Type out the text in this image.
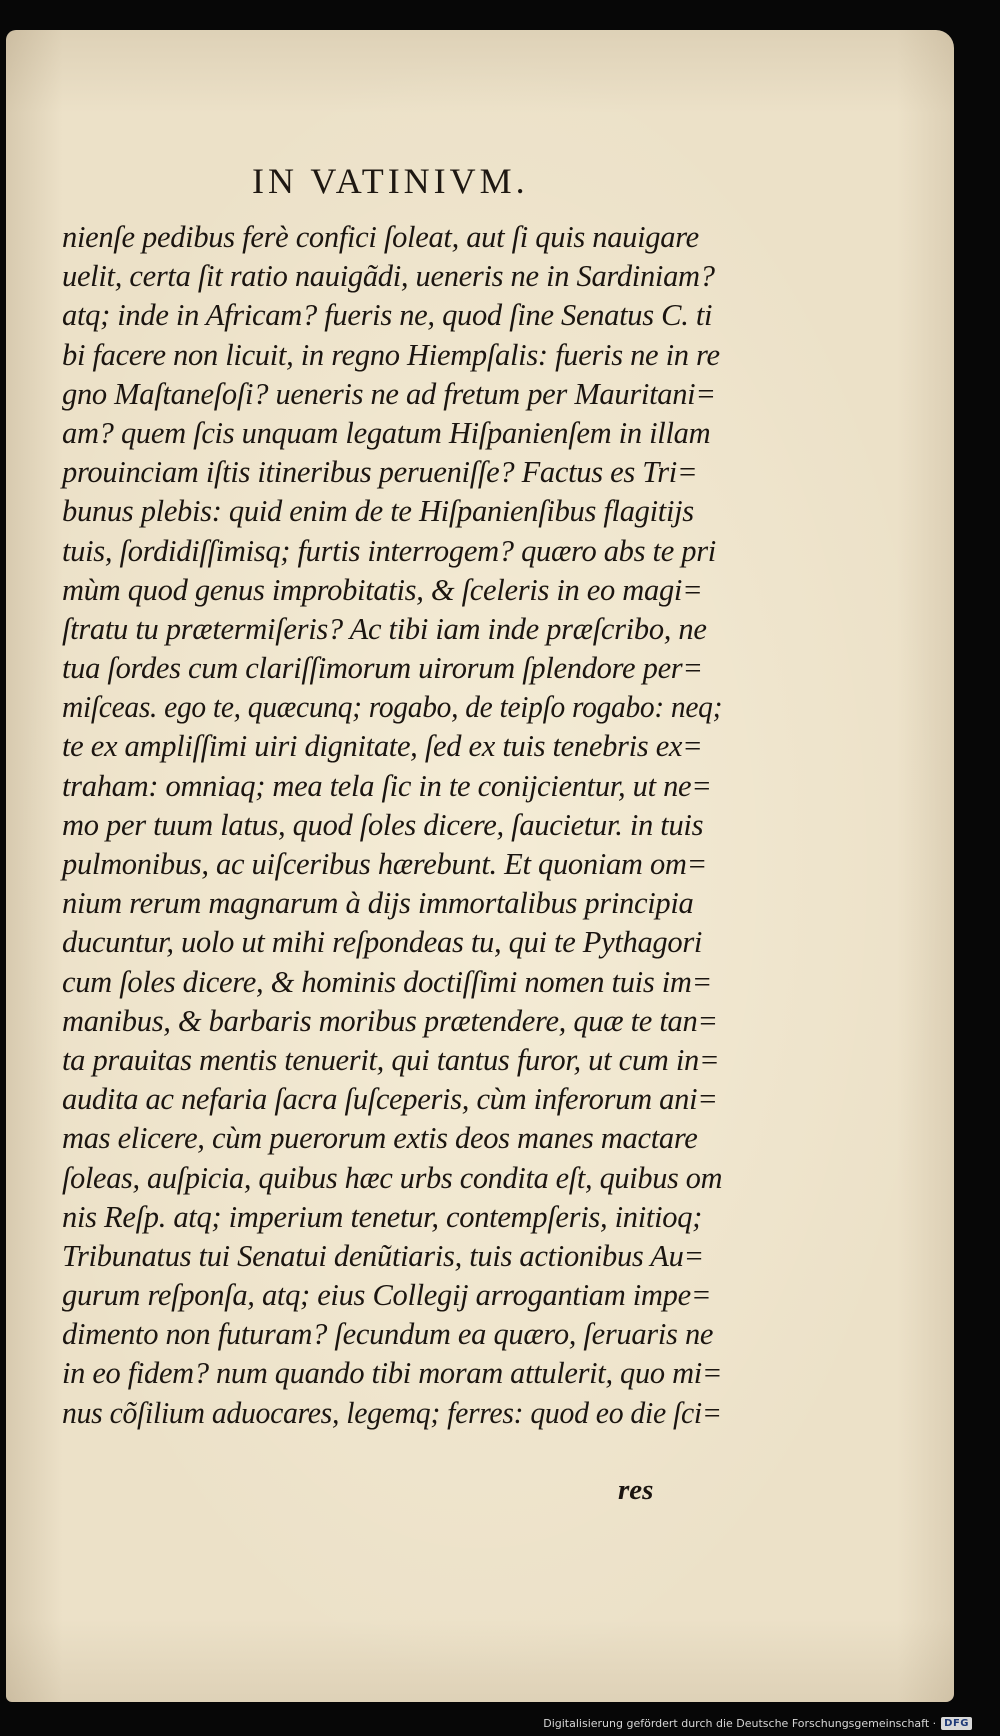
IN VATINIVM.
nienſe pedibus ferè confici ſoleat, aut ſi quis nauigare
uelit, certa ſit ratio nauigãdi, ueneris ne in Sardiniam?
atq; inde in Africam? fueris ne, quod ſine Senatus C. ti
bi facere non licuit, in regno Hiempſalis: fueris ne in re
gno Maſtaneſoſi? ueneris ne ad fretum per Mauritani=
am? quem ſcis unquam legatum Hiſpanienſem in illam
prouinciam iſtis itineribus perueniſſe? Factus es Tri=
bunus plebis: quid enim de te Hiſpanienſibus flagitijs
tuis, ſordidiſſimisq; furtis interrogem? quæro abs te pri
mùm quod genus improbitatis, & ſceleris in eo magi=
ſtratu tu prætermiſeris? Ac tibi iam inde præſcribo, ne
tua ſordes cum clariſſimorum uirorum ſplendore per=
miſceas. ego te, quæcunq; rogabo, de teipſo rogabo: neq;
te ex ampliſſimi uiri dignitate, ſed ex tuis tenebris ex=
traham: omniaq; mea tela ſic in te conijcientur, ut ne=
mo per tuum latus, quod ſoles dicere, ſaucietur. in tuis
pulmonibus, ac uiſceribus hærebunt. Et quoniam om=
nium rerum magnarum à dijs immortalibus principia
ducuntur, uolo ut mihi reſpondeas tu, qui te Pythagori
cum ſoles dicere, & hominis doctiſſimi nomen tuis im=
manibus, & barbaris moribus prætendere, quæ te tan=
ta prauitas mentis tenuerit, qui tantus furor, ut cum in=
audita ac nefaria ſacra ſuſceperis, cùm inferorum ani=
mas elicere, cùm puerorum extis deos manes mactare
ſoleas, auſpicia, quibus hæc urbs condita eſt, quibus om
nis Reſp. atq; imperium tenetur, contempſeris, initioq;
Tribunatus tui Senatui denũtiaris, tuis actionibus Au=
gurum reſponſa, atq; eius Collegij arrogantiam impe=
dimento non futuram? ſecundum ea quæro, ſeruaris ne
in eo fidem? num quando tibi moram attulerit, quo mi=
nus cõſilium aduocares, legemq; ferres: quod eo die ſci=
res
Digitalisierung gefördert durch die Deutsche Forschungsgemeinschaft · DFG
